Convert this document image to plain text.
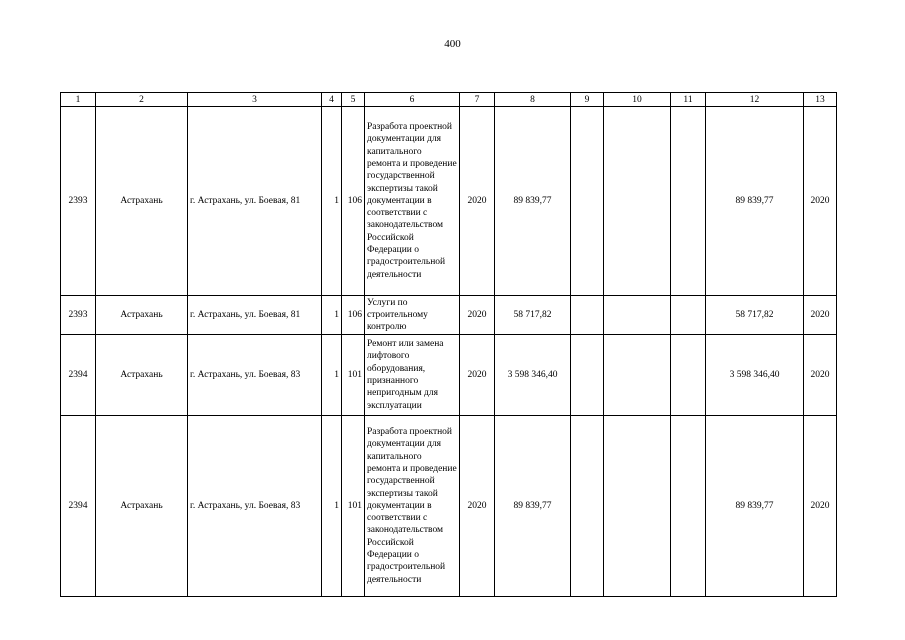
400
1	2	3	4	5	6	7	8	9	10	11	12	13
2393	Астрахань	г. Астрахань, ул. Боевая, 81	1	106	Разработа проектной документации для капитального ремонта и проведение государственной экспертизы такой документации в соответствии с законодательством Российской Федерации о градостроительной деятельности	2020	89 839,77				89 839,77	2020
2393	Астрахань	г. Астрахань, ул. Боевая, 81	1	106	Услуги по строительному контролю	2020	58 717,82				58 717,82	2020
2394	Астрахань	г. Астрахань, ул. Боевая, 83	1	101	Ремонт или замена лифтового оборудования, признанного непригодным для эксплуатации	2020	3 598 346,40				3 598 346,40	2020
2394	Астрахань	г. Астрахань, ул. Боевая, 83	1	101	Разработа проектной документации для капитального ремонта и проведение государственной экспертизы такой документации в соответствии с законодательством Российской Федерации о градостроительной деятельности	2020	89 839,77				89 839,77	2020
